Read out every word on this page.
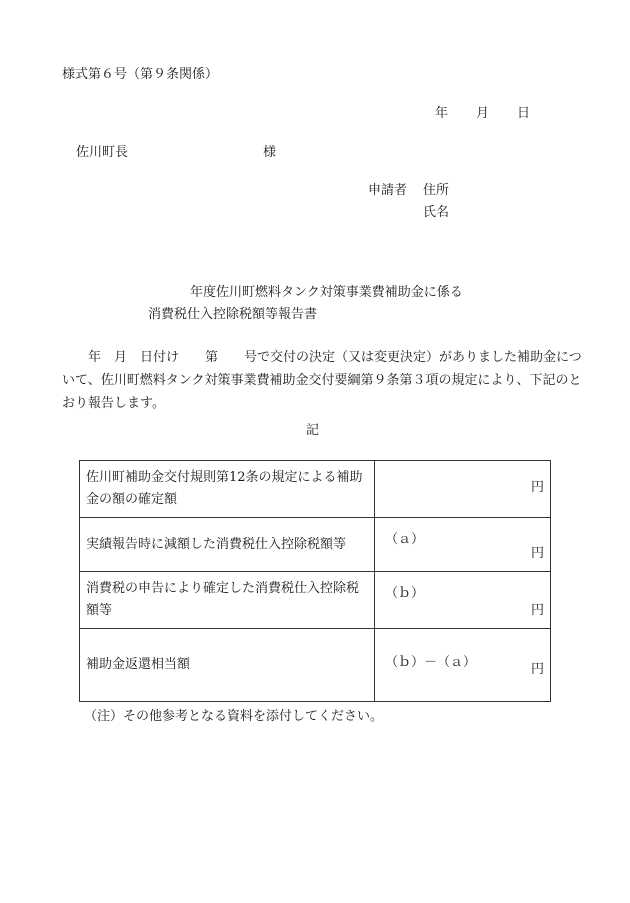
様式第６号（第９条関係）
年 月 日
佐川町長	様
申請者 住所
氏名
年度佐川町燃料タンク対策事業費補助金に係る
消費税仕入控除税額等報告書

　　年　月　日付け　　第　　号で交付の決定（又は変更決定）がありました補助金について、佐川町燃料タンク対策事業費補助金交付要綱第９条第３項の規定により、下記のとおり報告します。

記
佐川町補助金交付規則第12条の規定による補助金の額の確定額	円

実績報告時に減額した消費税仕入控除税額等	（ａ）
円

消費税の申告により確定した消費税仕入控除税額等	（ｂ）
円

補助金返還相当額	（ｂ）－（ａ） 円
（注）その他参考となる資料を添付してください。
